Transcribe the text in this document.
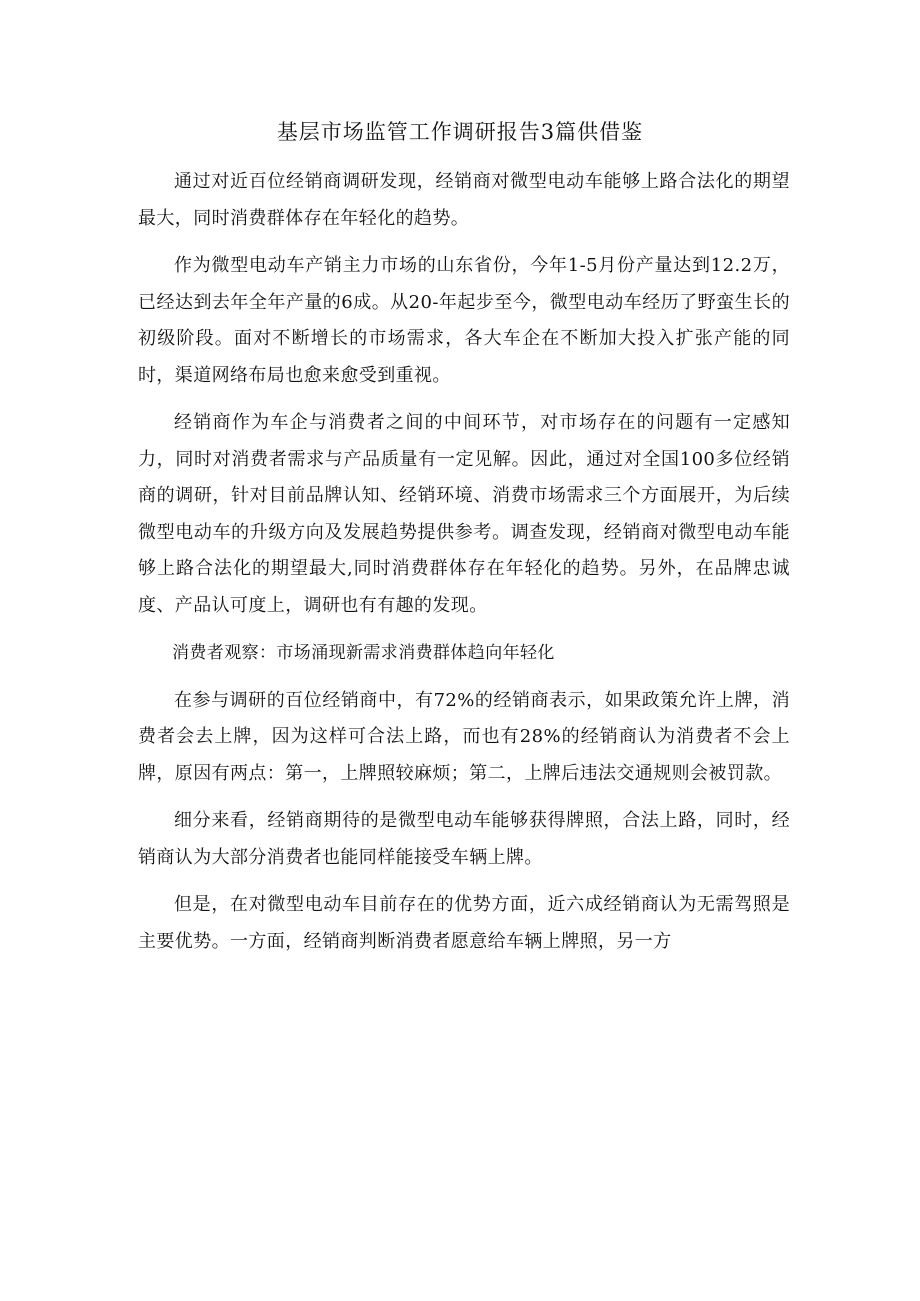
基层市场监管工作调研报告3篇供借鉴

通过对近百位经销商调研发现，经销商对微型电动车能够上路合法化的期望最大，同时消费群体存在年轻化的趋势。

作为微型电动车产销主力市场的山东省份，今年1-5月份产量达到12.2万，已经达到去年全年产量的6成。从20-年起步至今，微型电动车经历了野蛮生长的初级阶段。面对不断增长的市场需求，各大车企在不断加大投入扩张产能的同时，渠道网络布局也愈来愈受到重视。

经销商作为车企与消费者之间的中间环节，对市场存在的问题有一定感知力，同时对消费者需求与产品质量有一定见解。因此，通过对全国100多位经销商的调研，针对目前品牌认知、经销环境、消费市场需求三个方面展开，为后续微型电动车的升级方向及发展趋势提供参考。调查发现，经销商对微型电动车能够上路合法化的期望最大,同时消费群体存在年轻化的趋势。另外，在品牌忠诚度、产品认可度上，调研也有有趣的发现。

消费者观察：市场涌现新需求消费群体趋向年轻化

在参与调研的百位经销商中，有72%的经销商表示，如果政策允许上牌，消费者会去上牌，因为这样可合法上路，而也有28%的经销商认为消费者不会上牌，原因有两点：第一，上牌照较麻烦；第二，上牌后违法交通规则会被罚款。

细分来看，经销商期待的是微型电动车能够获得牌照，合法上路，同时，经销商认为大部分消费者也能同样能接受车辆上牌。

但是，在对微型电动车目前存在的优势方面，近六成经销商认为无需驾照是主要优势。一方面，经销商判断消费者愿意给车辆上牌照，另一方
